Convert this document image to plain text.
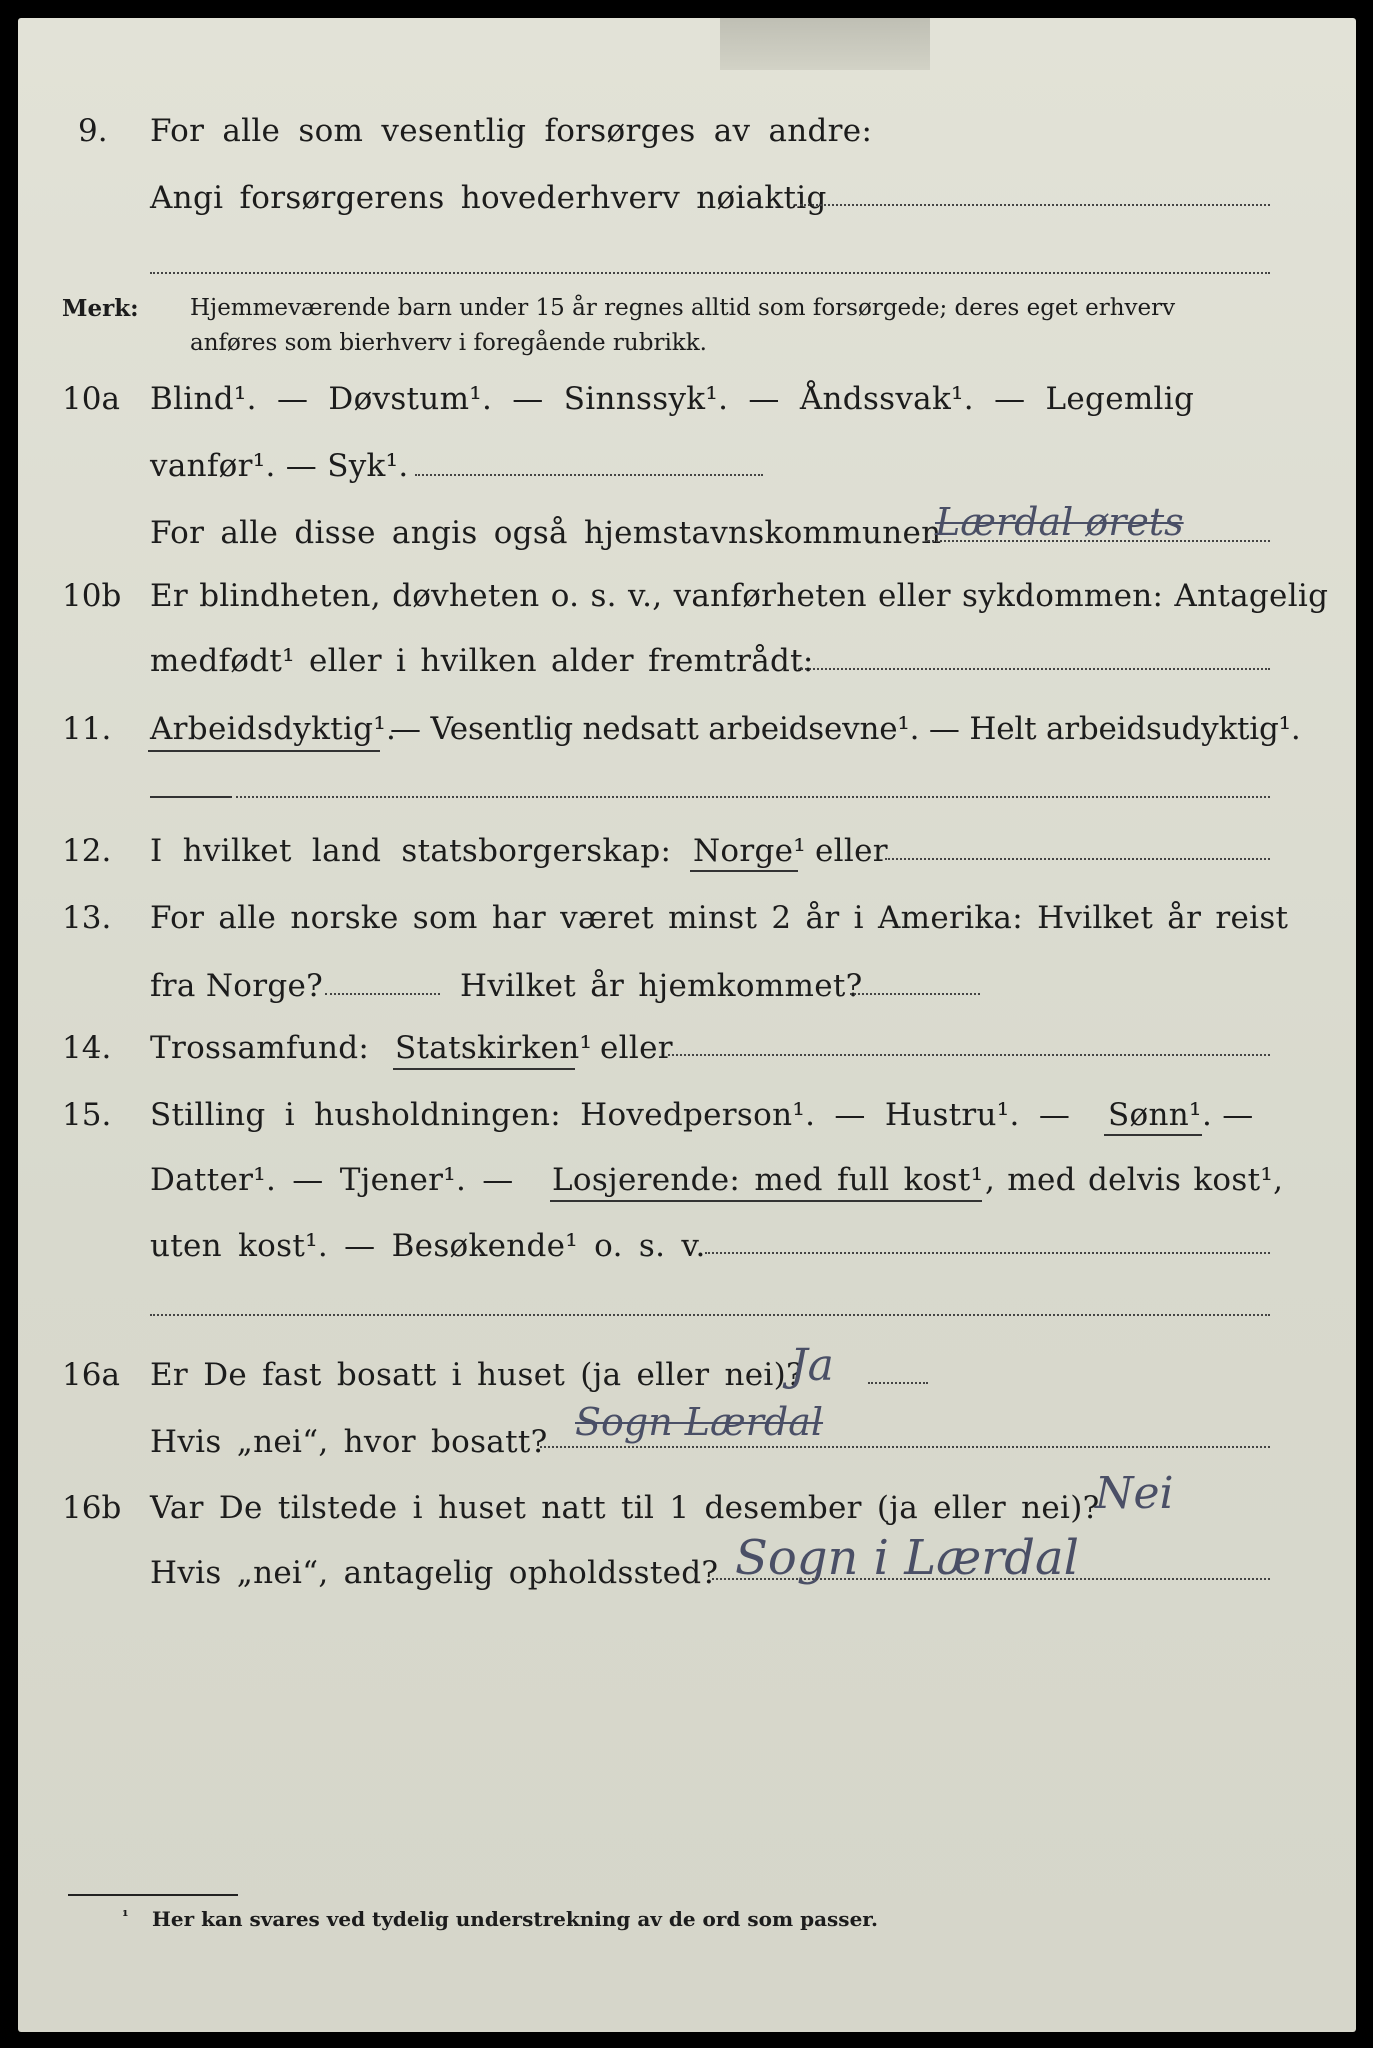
9. For alle som vesentlig forsørges av andre:
Angi forsørgerens hovederhverv nøiaktig
Merk: Hjemmeværende barn under 15 år regnes alltid som forsørgede; deres eget erhverv
anføres som bierhverv i foregående rubrikk.
10a Blind¹. — Døvstum¹. — Sinnssyk¹. — Åndssvak¹. — Legemlig
vanfør¹. — Syk¹.
For alle disse angis også hjemstavnskommunen
Lærdal ørets
10b Er blindheten, døvheten o. s. v., vanførheten eller sykdommen: Antagelig
medfødt¹ eller i hvilken alder fremtrådt:
11. Arbeidsdyktig¹.
— Vesentlig nedsatt arbeidsevne¹. — Helt arbeidsudyktig¹.
12. I hvilket land statsborgerskap: Norge¹ eller
13. For alle norske som har været minst 2 år i Amerika: Hvilket år reist
fra Norge?	Hvilket år hjemkommet?
14. Trossamfund: Statskirken¹ eller
15. Stilling i husholdningen: Hovedperson¹. — Hustru¹. — Sønn¹ . —
Datter¹. — Tjener¹. — Losjerende: med full kost¹ , med delvis kost¹,
uten kost¹. — Besøkende¹ o. s. v.
16a Er De fast bosatt i huset (ja eller nei)?
Ja
Hvis „nei“, hvor bosatt? Sogn Lærdal
16b Var De tilstede i huset natt til 1 desember (ja eller nei)?
Nei
Hvis „nei“, antagelig opholdssted? Sogn i Lærdal
¹ Her kan svares ved tydelig understrekning av de ord som passer.
